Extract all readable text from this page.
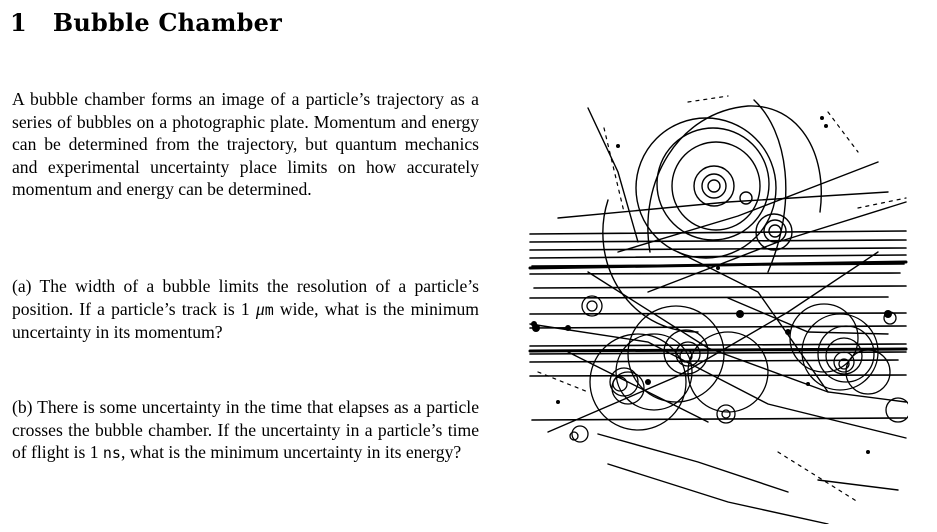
1 Bubble Chamber

A bubble chamber forms an image of a particle’s trajectory as a series of bubbles on a photographic plate. Momentum and energy can be determined from the trajectory, but quantum mechanics and experimental uncertainty place limits on how accurately momentum and energy can be determined.

(a) The width of a bubble limits the resolution of a particle’s position. If a particle’s track is 1 μm wide, what is the minimum uncertainty in its momentum?

(b) There is some uncertainty in the time that elapses as a particle crosses the bubble chamber. If the uncertainty in a particle’s time of flight is 1 ns, what is the minimum uncertainty in its energy?
